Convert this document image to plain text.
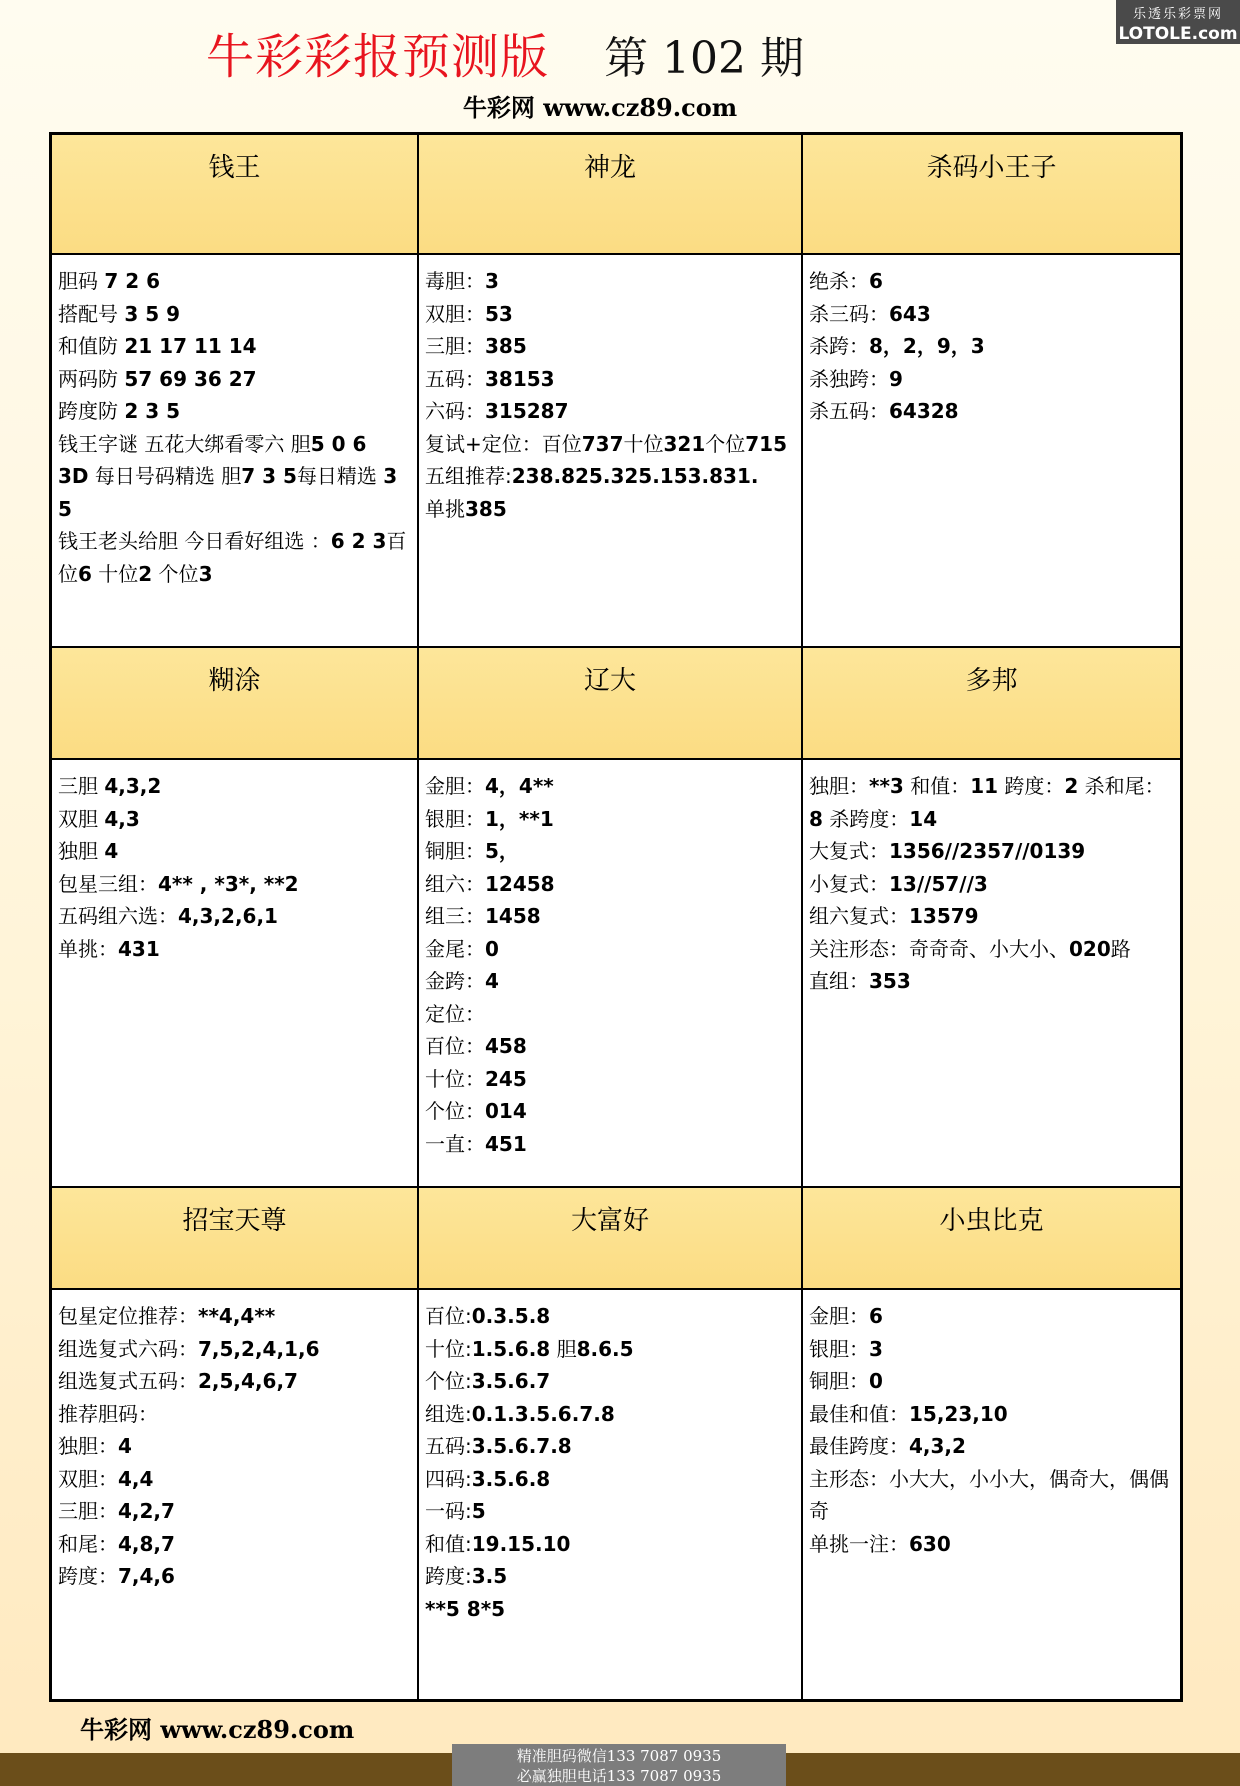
乐透乐彩票网
LOTOLE.com
牛彩彩报预测版 第 102 期
牛彩网 www.cz89.com
钱王	神龙	杀码小王子
胆码 7 2 6
搭配号 3 5 9
和值防 21 17 11 14
两码防 57 69 36 27
跨度防 2 3 5
钱王字谜 五花大绑看零六 胆5 0 6
3D 每日号码精选 胆7 3 5每日精选 3 5
钱王老头给胆 今日看好组选 ：6 2 3百位6 十位2 个位3
毒胆：3
双胆：53
三胆：385
五码：38153
六码：315287
复试+定位：百位737十位321个位715
五组推荐:238.825.325.153.831.
单挑385
绝杀：6
杀三码：643
杀跨：8，2，9，3
杀独跨：9
杀五码：64328
糊涂	辽大	多邦
三胆 4,3,2
双胆 4,3
独胆 4
包星三组：4** , *3*, **2
五码组六选：4,3,2,6,1
单挑：431
金胆：4，4**
银胆：1，**1
铜胆：5，
组六：12458
组三：1458
金尾：0
金跨：4
定位：
百位：458
十位：245
个位：014
一直：451
独胆：**3 和值：11 跨度：2 杀和尾：8 杀跨度：14
大复式：1356//2357//0139
小复式：13//57//3
组六复式：13579
关注形态：奇奇奇、小大小、020路
直组：353
招宝天尊	大富好	小虫比克
包星定位推荐：**4,4**
组选复式六码：7,5,2,4,1,6
组选复式五码：2,5,4,6,7
推荐胆码：
独胆：4
双胆：4,4
三胆：4,2,7
和尾：4,8,7
跨度：7,4,6
百位:0.3.5.8
十位:1.5.6.8 胆8.6.5
个位:3.5.6.7
组选:0.1.3.5.6.7.8
五码:3.5.6.7.8
四码:3.5.6.8
一码:5
和值:19.15.10
跨度:3.5
**5 8*5
金胆：6
银胆：3
铜胆：0
最佳和值：15,23,10
最佳跨度：4,3,2
主形态：小大大，小小大，偶奇大，偶偶奇
单挑一注：630
牛彩网 www.cz89.com
精准胆码微信133 7087 0935
必赢独胆电话133 7087 0935
